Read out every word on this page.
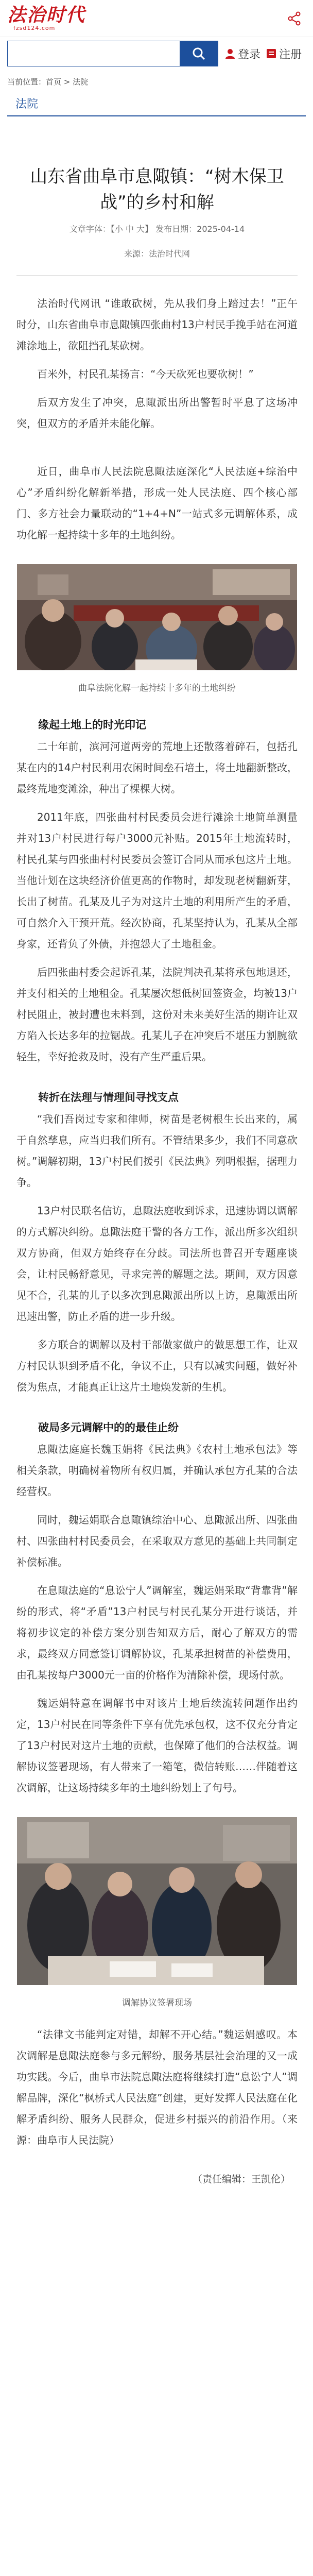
法治时代
fzsd124.com
登录 注册
当前位置：首页 > 法院
法院
山东省曲阜市息陬镇：“树木保卫战”的乡村和解
文章字体：【小 中 大】 发布日期：2025-04-14
来源：法治时代网

法治时代网讯 “谁敢砍树，先从我们身上踏过去！”正午时分，山东省曲阜市息陬镇四张曲村13户村民手挽手站在河道滩涂地上，欲阻挡孔某砍树。

百米外，村民孔某扬言：“今天砍死也要砍树！”

后双方发生了冲突，息陬派出所出警暂时平息了这场冲突，但双方的矛盾并未能化解。

近日，曲阜市人民法院息陬法庭深化“人民法庭+综治中心”矛盾纠纷化解新举措，形成一处人民法庭、四个核心部门、多方社会力量联动的“1+4+N”一站式多元调解体系，成功化解一起持续十多年的土地纠纷。

曲阜法院化解一起持续十多年的土地纠纷
缘起土地上的时光印记

二十年前，滨河河道两旁的荒地上还散落着碎石，包括孔某在内的14户村民利用农闲时间垒石培土，将土地翻新整改，最终荒地变滩涂，种出了棵棵大树。

2011年底，四张曲村村民委员会进行滩涂土地简单测量并对13户村民进行每户3000元补贴。2015年土地流转时，村民孔某与四张曲村村民委员会签订合同从而承包这片土地。当他计划在这块经济价值更高的作物时，却发现老树翻新芽，长出了树苗。孔某及儿子为对这片土地的利用所产生的矛盾，可自然介入干预开荒。经次协商，孔某坚持认为，孔某从全部身家，还背负了外债，并抱怨大了土地租金。

后四张曲村委会起诉孔某，法院判决孔某将承包地退还，并支付相关的土地租金。孔某屡次想低树回签资金，均被13户村民阻止，被封遭也未料到，这份对未来美好生活的期许让双方陷入长达多年的拉锯战。孔某儿子在冲突后不堪压力割腕欲轻生，幸好抢救及时，没有产生严重后果。

转折在法理与情理间寻找支点

“我们吾岗过专家和律师，树苗是老树根生长出来的，属于自然孳息，应当归我们所有。不管结果多少，我们不同意砍树。”调解初期，13户村民们援引《民法典》列明根据，据理力争。

13户村民联名信访，息陬法庭收到诉求，迅速协调以调解的方式解决纠纷。息陬法庭干警的各方工作，派出所多次组织双方协商，但双方始终存在分歧。司法所也普召开专题座谈会，让村民畅舒意见，寻求完善的解题之法。期间，双方因意见不合，孔某的儿子以多次到息陬派出所以上访，息陬派出所迅速出警，防止矛盾的进一步升级。

多方联合的调解以及村干部做家做户的做思想工作，让双方村民认识到矛盾不化，争议不止，只有以减实问题，做好补偿为焦点，才能真正让这片土地焕发新的生机。

破局多元调解中的的最佳止纷

息陬法庭庭长魏玉娟将《民法典》《农村土地承包法》等相关条款，明确树着物所有权归属，并确认承包方孔某的合法经营权。

同时，魏运娟联合息陬镇综治中心、息陬派出所、四张曲村、四张曲村村民委员会，在采取双方意见的基础上共同制定补偿标准。

在息陬法庭的“息讼宁人”调解室，魏运娟采取“背靠背”解纷的形式，将“矛盾”13户村民与村民孔某分开进行谈话，并将初步议定的补偿方案分别告知双方后，耐心了解双方的需求，最终双方同意签订调解协议，孔某承担树苗的补偿费用，由孔某按每户3000元一亩的价格作为清除补偿，现场付款。

魏运娟特意在调解书中对该片土地后续流转问题作出约定，13户村民在同等条件下享有优先承包权，这不仅充分肯定了13户村民对这片土地的贡献，也保障了他们的合法权益。调解协议签署现场，有人带来了一箱笔，微信转账……伴随着这次调解，让这场持续多年的土地纠纷划上了句号。

调解协议签署现场

“法律文书能判定对错，却解不开心结。”魏运娟感叹。本次调解是息陬法庭参与多元解纷，服务基层社会治理的又一成功实践。今后，曲阜市法院息陬法庭将继续打造“息讼宁人”调解品牌，深化“枫桥式人民法庭”创建，更好发挥人民法庭在化解矛盾纠纷、服务人民群众，促进乡村振兴的前沿作用。（来源：曲阜市人民法院）

（责任编辑：王凯伦）
